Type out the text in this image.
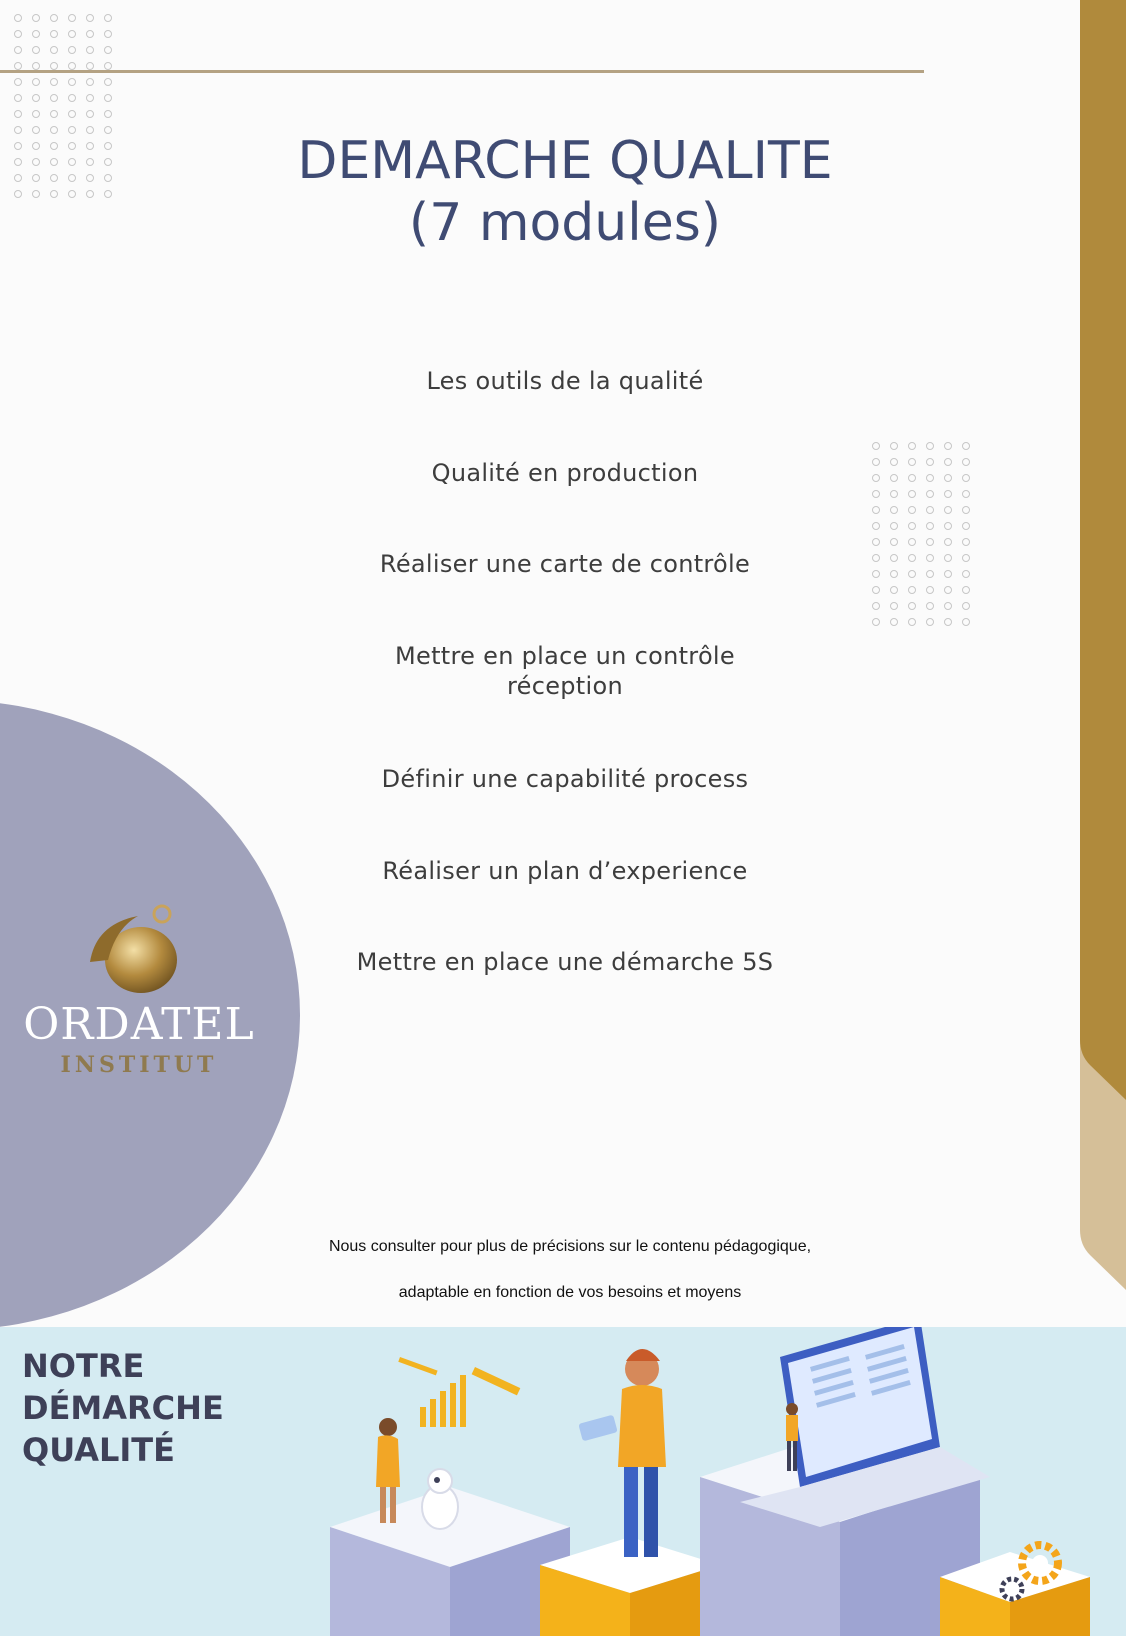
DEMARCHE QUALITE
(7 modules)
Les outils de la qualité
Qualité en production
Réaliser une carte de contrôle
Mettre en place un contrôle réception
Définir une capabilité process
Réaliser un plan d’experience
Mettre en place une démarche 5S
ORDATEL
INSTITUT
Nous consulter pour plus de précisions sur le contenu pédagogique,
adaptable en fonction de vos besoins et moyens
NOTRE
DÉMARCHE
QUALITÉ
